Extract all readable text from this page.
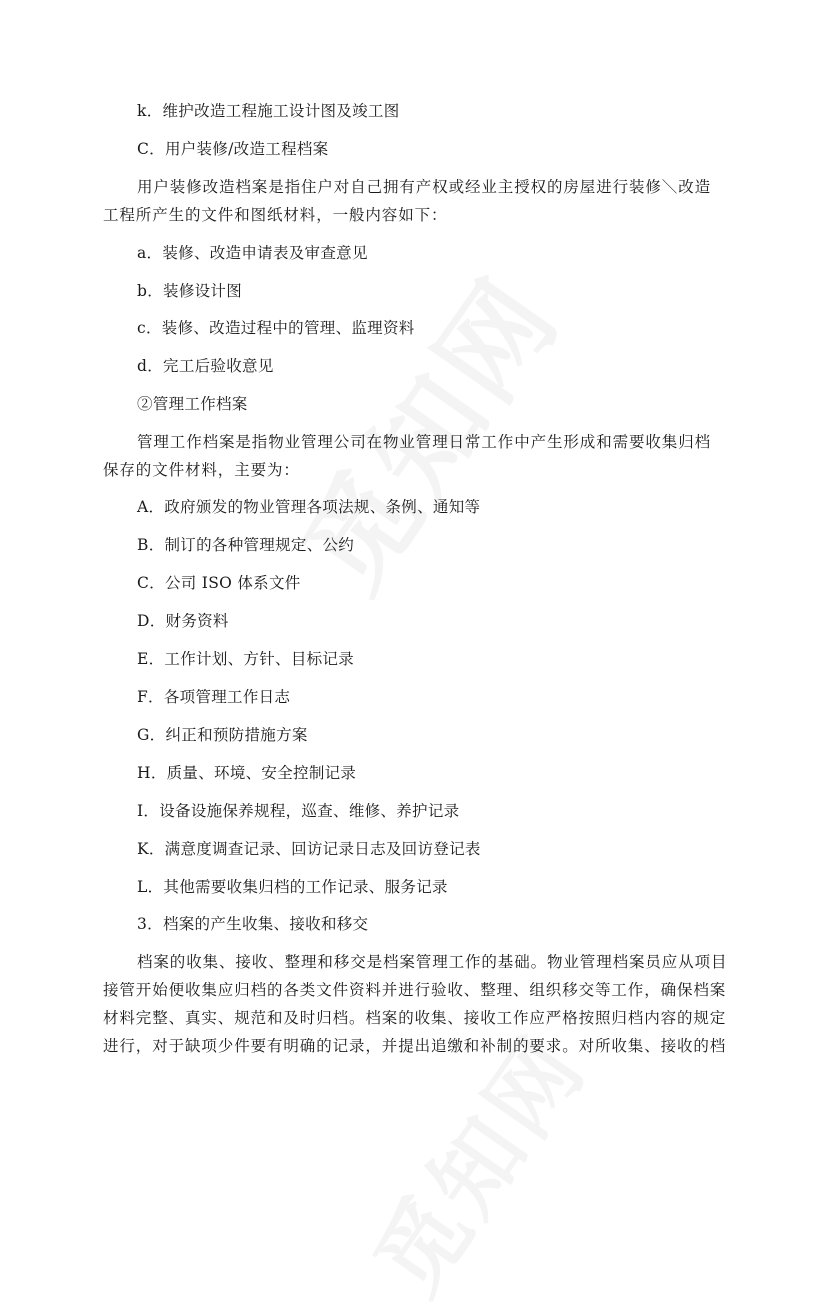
k．维护改造工程施工设计图及竣工图
C．用户装修/改造工程档案
用户装修改造档案是指住户对自己拥有产权或经业主授权的房屋进行装修＼改造
工程所产生的文件和图纸材料，一般内容如下：
a．装修、改造申请表及审查意见
b．装修设计图
c．装修、改造过程中的管理、监理资料
d．完工后验收意见
②管理工作档案
管理工作档案是指物业管理公司在物业管理日常工作中产生形成和需要收集归档
保存的文件材料，主要为：
A．政府颁发的物业管理各项法规、条例、通知等
B．制订的各种管理规定、公约
C．公司 ISO 体系文件
D．财务资料
E．工作计划、方针、目标记录
F．各项管理工作日志
G．纠正和预防措施方案
H．质量、环境、安全控制记录
I．设备设施保养规程，巡查、维修、养护记录
K．满意度调查记录、回访记录日志及回访登记表
L．其他需要收集归档的工作记录、服务记录
3．档案的产生收集、接收和移交
档案的收集、接收、整理和移交是档案管理工作的基础。物业管理档案员应从项目
接管开始便收集应归档的各类文件资料并进行验收、整理、组织移交等工作，确保档案
材料完整、真实、规范和及时归档。档案的收集、接收工作应严格按照归档内容的规定
进行，对于缺项少件要有明确的记录，并提出追缴和补制的要求。对所收集、接收的档
